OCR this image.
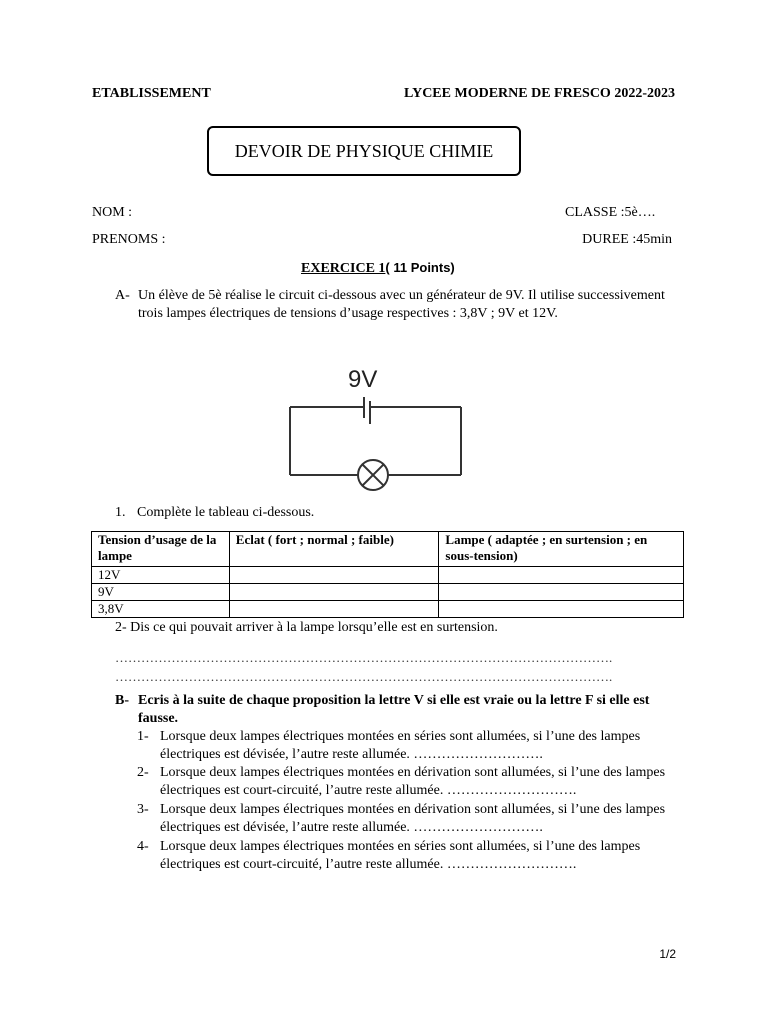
ETABLISSEMENT	LYCEE MODERNE DE FRESCO 2022-2023
DEVOIR DE PHYSIQUE CHIMIE
NOM :	CLASSE :5è….
PRENOMS :	DUREE :45min
EXERCICE 1( 11 Points)
A- Un élève de 5è réalise le circuit ci-dessous avec un générateur de 9V. Il utilise successivement trois lampes électriques de tensions d’usage respectives : 3,8V ; 9V et 12V.
9V
1. Complète le tableau ci-dessous.
Tension d’usage de la lampe	Eclat ( fort ; normal ; faible)	Lampe ( adaptée ; en surtension ; en sous-tension)
12V		
9V		
3,8V		
2- Dis ce qui pouvait arriver à la lampe lorsqu’elle est en surtension.
…………………………………………………………………………………………………….
…………………………………………………………………………………………………….
B- Ecris à la suite de chaque proposition la lettre V si elle est vraie ou la lettre F si elle est fausse.
1- Lorsque deux lampes électriques montées en séries sont allumées, si l’une des lampes électriques est dévisée, l’autre reste allumée. ……………………….
2- Lorsque deux lampes électriques montées en dérivation sont allumées, si l’une des lampes électriques est court-circuité, l’autre reste allumée. ……………………….
3- Lorsque deux lampes électriques montées en dérivation sont allumées, si l’une des lampes électriques est dévisée, l’autre reste allumée. ……………………….
4- Lorsque deux lampes électriques montées en séries sont allumées, si l’une des lampes électriques est court-circuité, l’autre reste allumée. ……………………….
1/2
